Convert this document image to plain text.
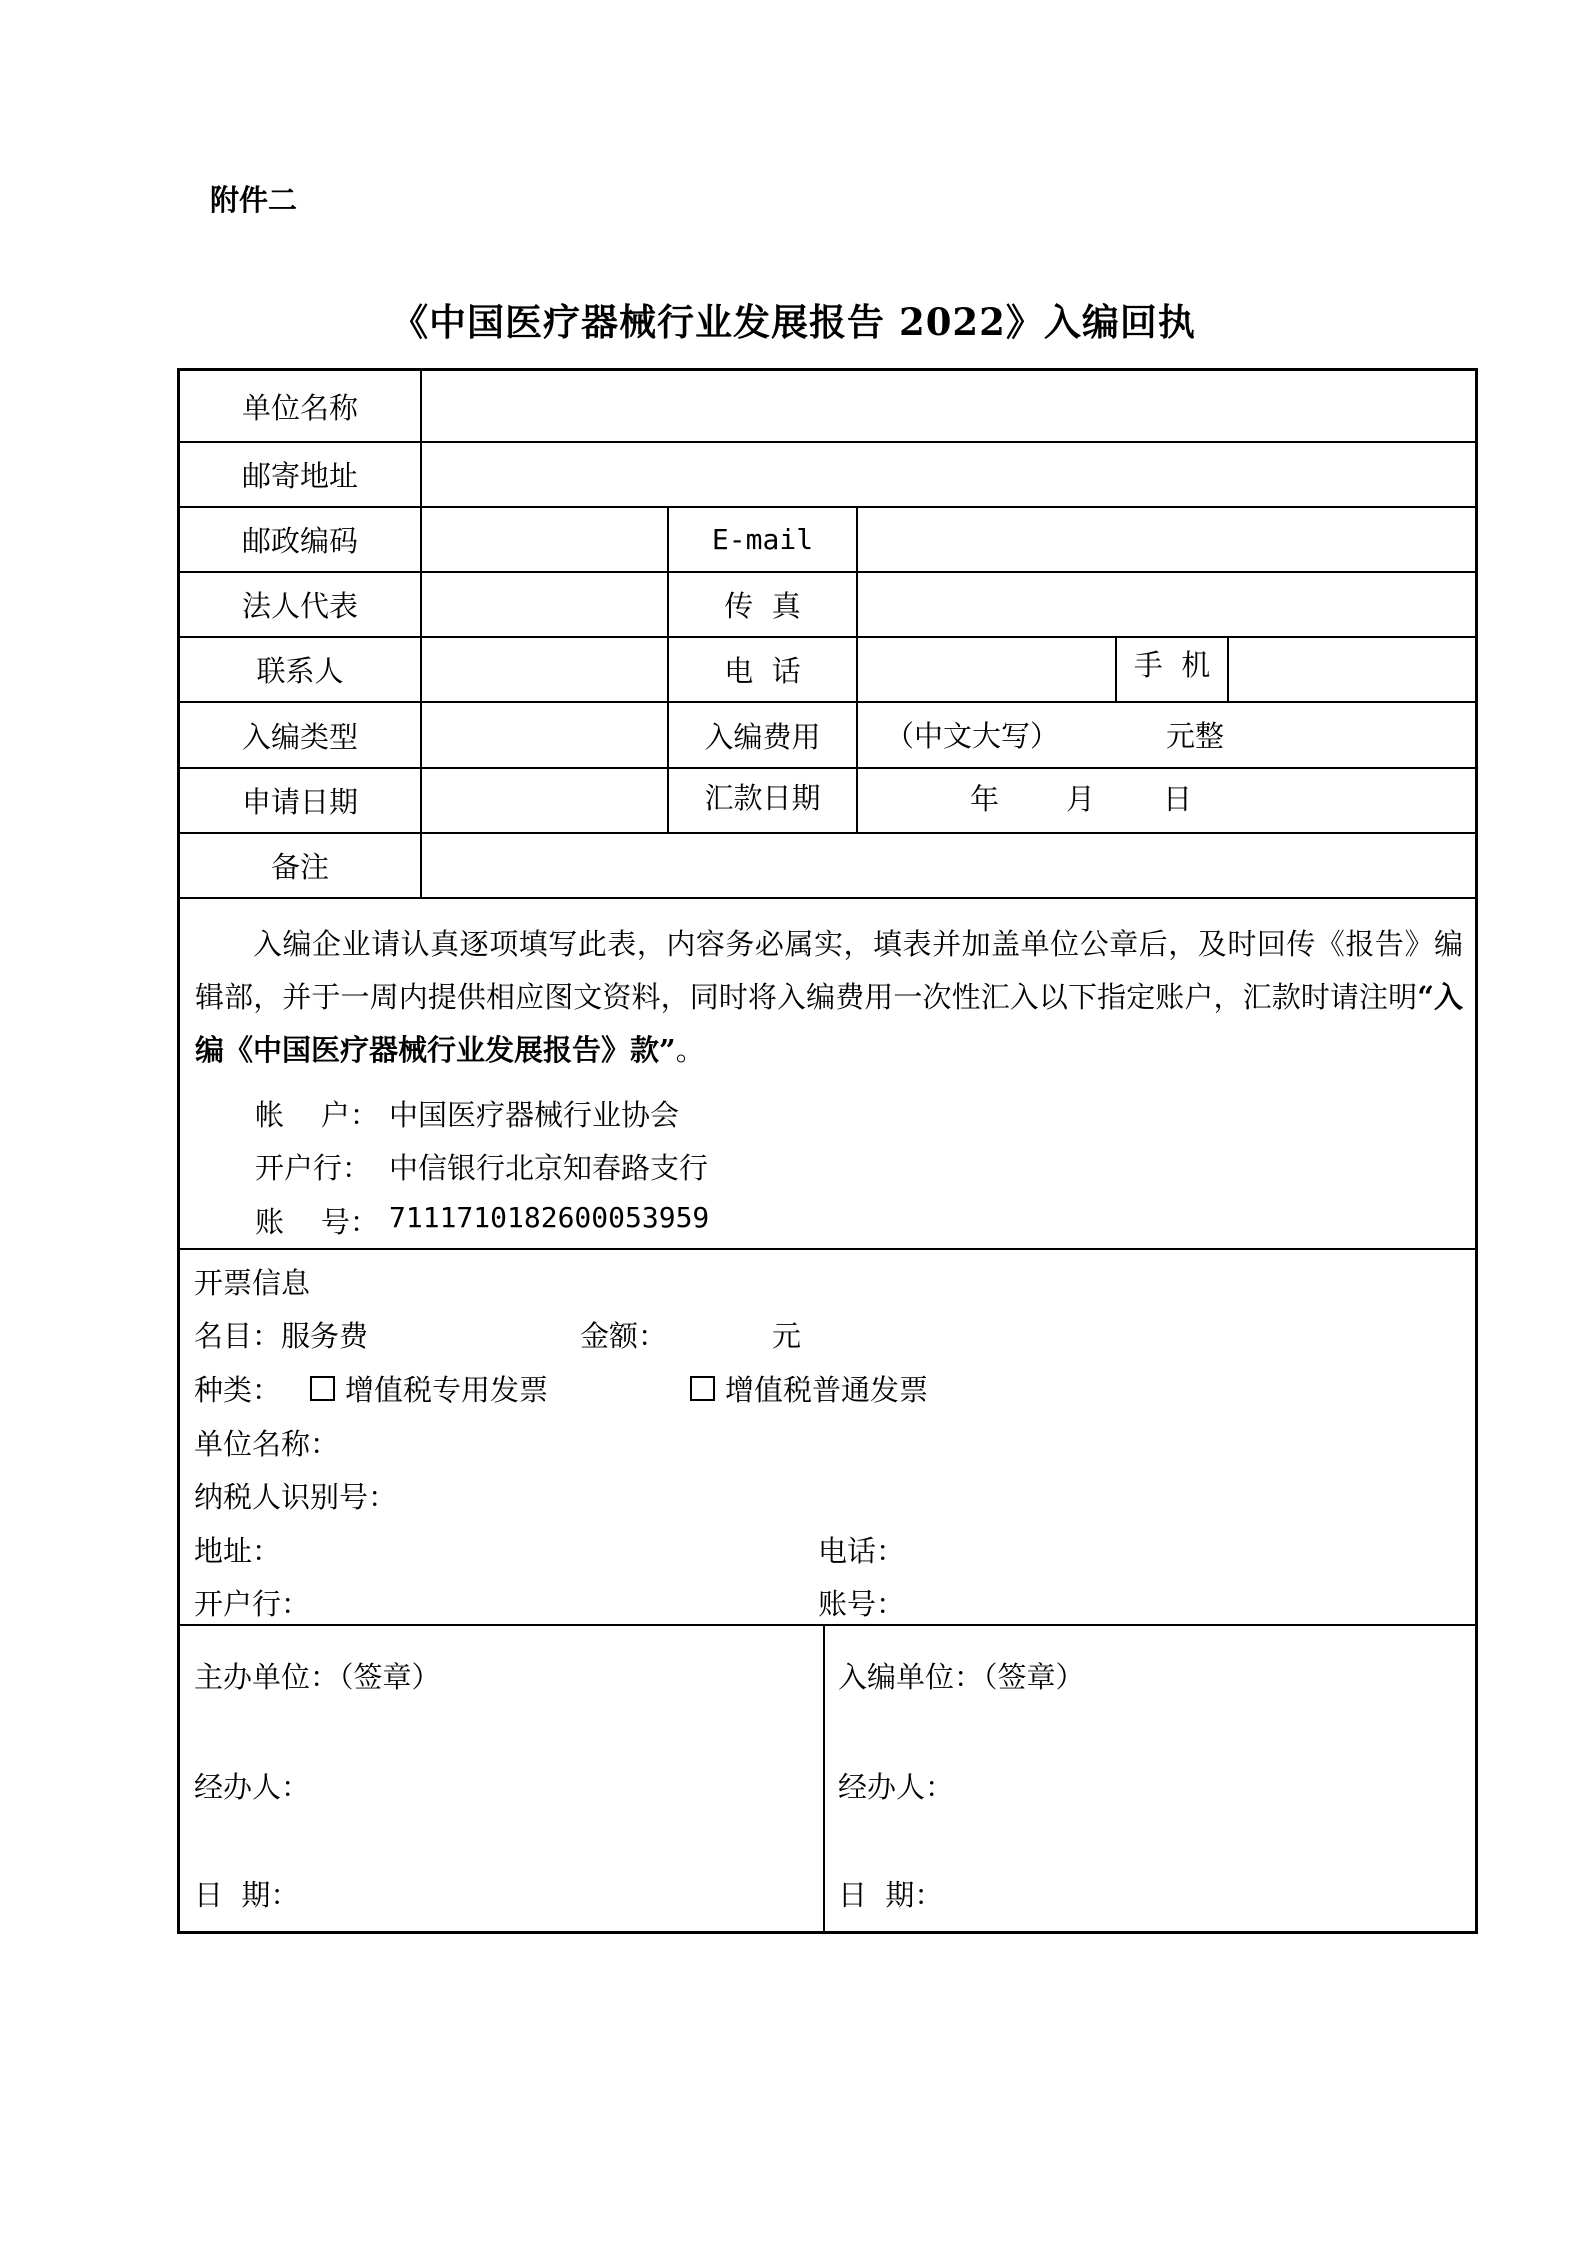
附件二
《中国医疗器械行业发展报告 2022》入编回执
单位名称
邮寄地址
邮政编码	E-mail
法人代表	传  真
联系人	电  话	手  机
入编类型	入编费用	（中文大写）	元整
申请日期	汇款日期	年 月 日
备注
入编企业请认真逐项填写此表，内容务必属实，填表并加盖单位公章后，及时回传《报告》编辑部，并于一周内提供相应图文资料，同时将入编费用一次性汇入以下指定账户，汇款时请注明“入编《中国医疗器械行业发展报告》款”。
帐    户： 中国医疗器械行业协会
开户行： 中信银行北京知春路支行
账    号： 7111710182600053959
开票信息
名目：服务费	金额：	元
种类：	增值税专用发票	增值税普通发票
单位名称：
纳税人识别号：
地址：	电话：
开户行：	账号：
主办单位：（签章）	入编单位：（签章）
经办人：	经办人：
日  期：	日  期：
